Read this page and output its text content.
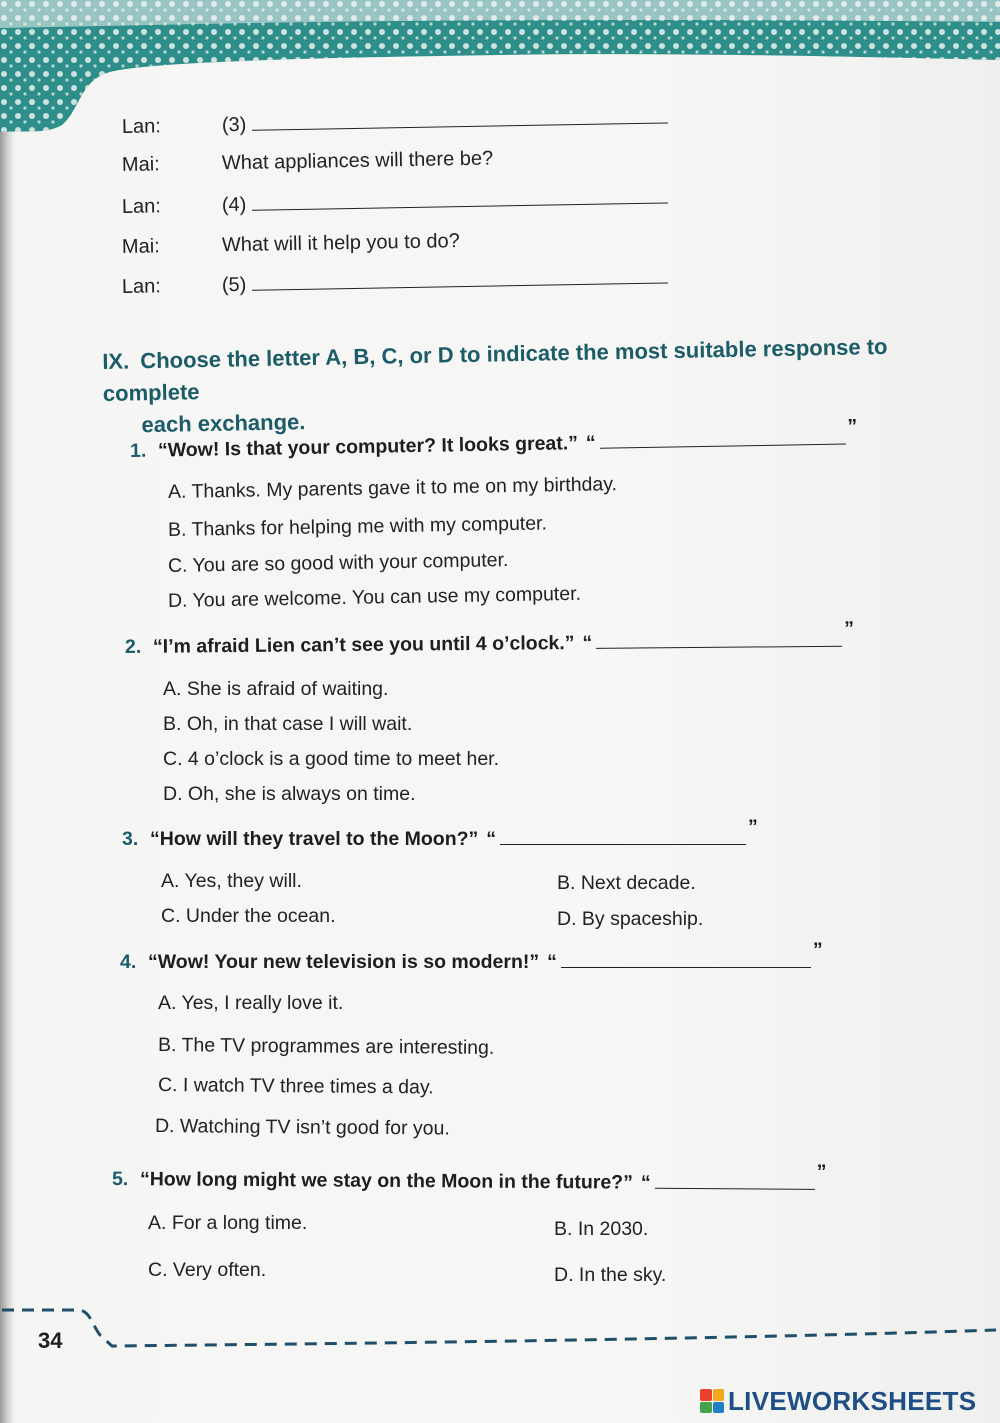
Lan:	(3)
Mai:	What appliances will there be?
Lan:	(4)
Mai:	What will it help you to do?
Lan:	(5)
IX. Choose the letter A, B, C, or D to indicate the most suitable response to complete
each exchange.
1. “Wow! Is that your computer? It looks great.” “”
A. Thanks. My parents gave it to me on my birthday.
B. Thanks for helping me with my computer.
C. You are so good with your computer.
D. You are welcome. You can use my computer.
2. “I’m afraid Lien can’t see you until 4 o’clock.” “”
A. She is afraid of waiting.
B. Oh, in that case I will wait.
C. 4 o’clock is a good time to meet her.
D. Oh, she is always on time.
3. “How will they travel to the Moon?” “”
A. Yes, they will.	B. Next decade.
C. Under the ocean.	D. By spaceship.
4. “Wow! Your new television is so modern!” “”
A. Yes, I really love it.
B. The TV programmes are interesting.
C. I watch TV three times a day.
D. Watching TV isn’t good for you.
5. “How long might we stay on the Moon in the future?” “	”
A. For a long time.	B. In 2030.
C. Very often.	D. In the sky.
34
LIVEWORKSHEETS
